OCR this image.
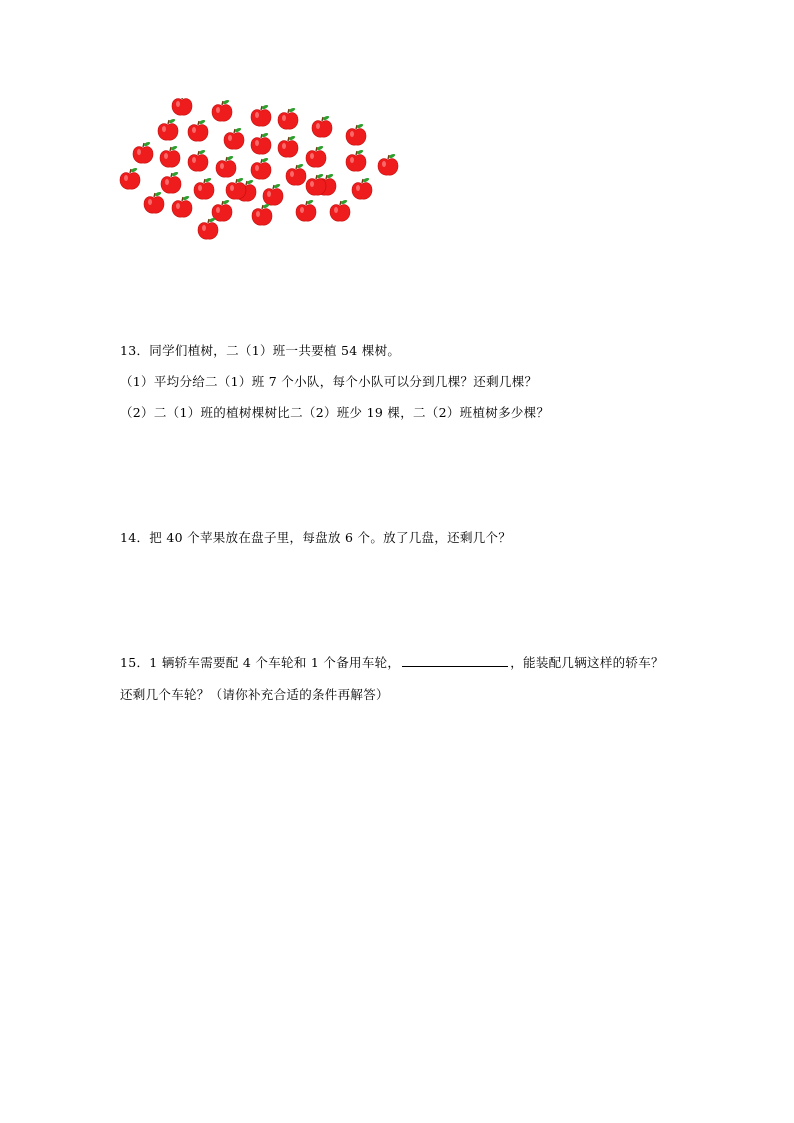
13．同学们植树，二（1）班一共要植 54 棵树。
（1）平均分给二（1）班 7 个小队，每个小队可以分到几棵？还剩几棵？
（2）二（1）班的植树棵树比二（2）班少 19 棵，二（2）班植树多少棵？
14．把 40 个苹果放在盘子里，每盘放 6 个。放了几盘，还剩几个？
15．1 辆轿车需要配 4 个车轮和 1 个备用车轮，	，能装配几辆这样的轿车？
还剩几个车轮？（请你补充合适的条件再解答）
